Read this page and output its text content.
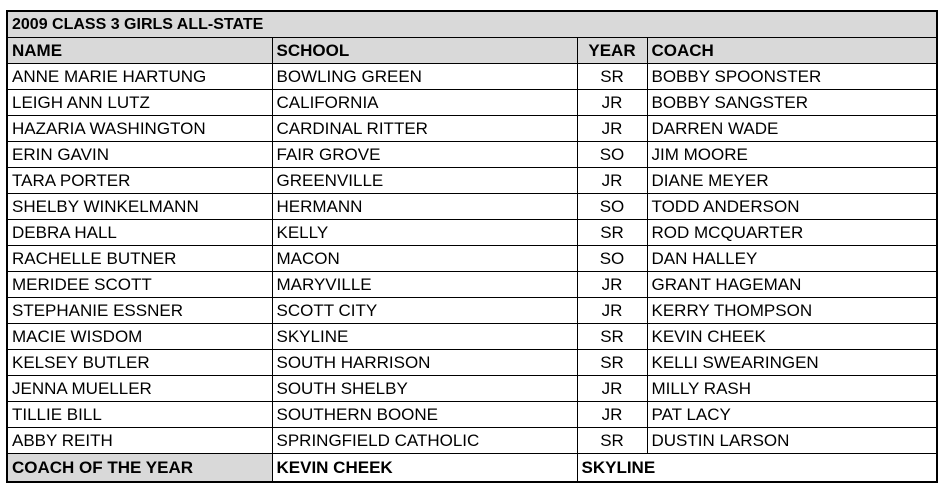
2009 CLASS 3 GIRLS ALL-STATE			
NAME	SCHOOL	YEAR	COACH
ANNE MARIE HARTUNG	BOWLING GREEN	SR	BOBBY SPOONSTER
LEIGH ANN LUTZ	CALIFORNIA	JR	BOBBY SANGSTER
HAZARIA WASHINGTON	CARDINAL RITTER	JR	DARREN WADE
ERIN GAVIN	FAIR GROVE	SO	JIM MOORE
TARA PORTER	GREENVILLE	JR	DIANE MEYER
SHELBY WINKELMANN	HERMANN	SO	TODD ANDERSON
DEBRA HALL	KELLY	SR	ROD MCQUARTER
RACHELLE BUTNER	MACON	SO	DAN HALLEY
MERIDEE SCOTT	MARYVILLE	JR	GRANT HAGEMAN
STEPHANIE ESSNER	SCOTT CITY	JR	KERRY THOMPSON
MACIE WISDOM	SKYLINE	SR	KEVIN CHEEK
KELSEY BUTLER	SOUTH HARRISON	SR	KELLI SWEARINGEN
JENNA MUELLER	SOUTH SHELBY	JR	MILLY RASH
TILLIE BILL	SOUTHERN BOONE	JR	PAT LACY
ABBY REITH	SPRINGFIELD CATHOLIC	SR	DUSTIN LARSON
COACH OF THE YEAR	KEVIN CHEEK	SKYLINE	
